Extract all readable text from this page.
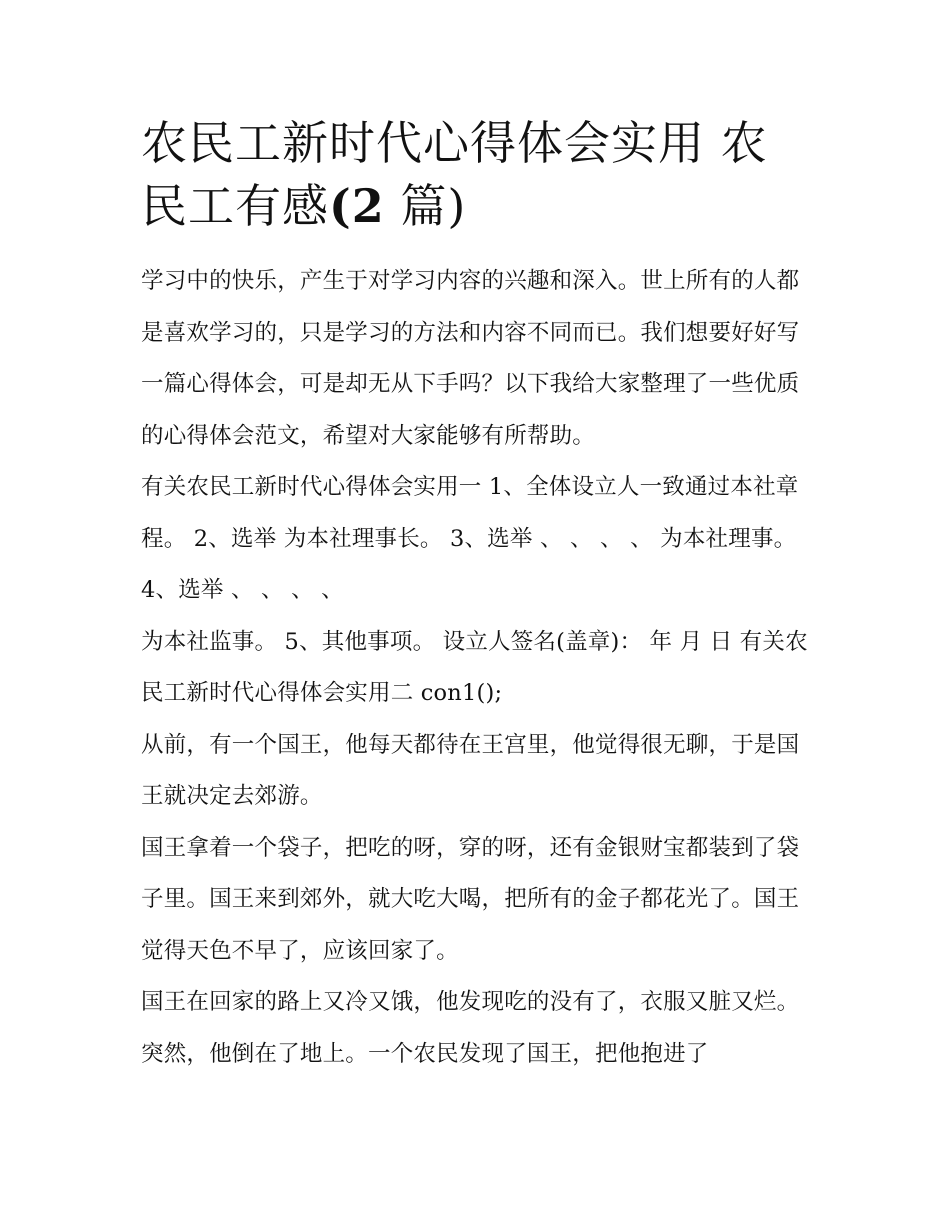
农民工新时代心得体会实用 农民工有感(2 篇)

学习中的快乐，产生于对学习内容的兴趣和深入。世上所有的人都是喜欢学习的，只是学习的方法和内容不同而已。我们想要好好写一篇心得体会，可是却无从下手吗？以下我给大家整理了一些优质的心得体会范文，希望对大家能够有所帮助。

有关农民工新时代心得体会实用一 1、全体设立人一致通过本社章程。 2、选举 为本社理事长。 3、选举 、 、 、 、 为本社理事。 4、选举 、 、 、 、

为本社监事。 5、其他事项。 设立人签名(盖章)： 年 月 日 有关农民工新时代心得体会实用二 con1();

从前，有一个国王，他每天都待在王宫里，他觉得很无聊，于是国王就决定去郊游。

国王拿着一个袋子，把吃的呀，穿的呀，还有金银财宝都装到了袋子里。国王来到郊外，就大吃大喝，把所有的金子都花光了。国王觉得天色不早了，应该回家了。

国王在回家的路上又冷又饿，他发现吃的没有了，衣服又脏又烂。突然，他倒在了地上。一个农民发现了国王，把他抱进了
